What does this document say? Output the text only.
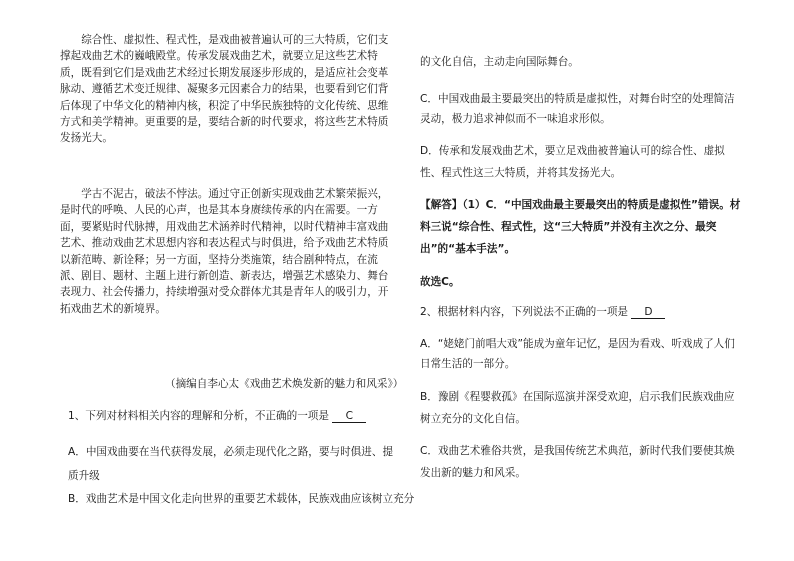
综合性、虚拟性、程式性，是戏曲被普遍认可的三大特质，它们支撑起戏曲艺术的巍峨殿堂。传承发展戏曲艺术，就要立足这些艺术特质，既看到它们是戏曲艺术经过长期发展逐步形成的，是适应社会变革脉动、遵循艺术变迁规律、凝聚多元因素合力的结果，也要看到它们背后体现了中华文化的精神内核，积淀了中华民族独特的文化传统、思维方式和美学精神。更重要的是，要结合新的时代要求，将这些艺术特质发扬光大。

学古不泥古，破法不悖法。通过守正创新实现戏曲艺术繁荣振兴，是时代的呼唤、人民的心声，也是其本身赓续传承的内在需要。一方面，要紧贴时代脉搏，用戏曲艺术涵养时代精神，以时代精神丰富戏曲艺术、推动戏曲艺术思想内容和表达程式与时俱进，给予戏曲艺术特质以新范畴、新诠释；另一方面，坚持分类施策，结合剧种特点，在流派、剧目、题材、主题上进行新创造、新表达，增强艺术感染力、舞台表现力、社会传播力，持续增强对受众群体尤其是青年人的吸引力，开拓戏曲艺术的新境界。

（摘编自李心太《戏曲艺术焕发新的魅力和风采》）

1、下列对材料相关内容的理解和分析，不正确的一项是 C

A．中国戏曲要在当代获得发展，必须走现代化之路，要与时俱进、提质升级

B．戏曲艺术是中国文化走向世界的重要艺术载体，民族戏曲应该树立充分

的文化自信，主动走向国际舞台。

C．中国戏曲最主要最突出的特质是虚拟性，对舞台时空的处理简洁灵动，极力追求神似而不一味追求形似。

D．传承和发展戏曲艺术，要立足戏曲被普遍认可的综合性、虚拟性、程式性这三大特质，并将其发扬光大。

【解答】（1）C．“中国戏曲最主要最突出的特质是虚拟性”错误。材料三说“综合性、程式性，这“三大特质”并没有主次之分、最突出”的“基本手法”。

故选C。

2、根据材料内容，下列说法不正确的一项是 D

A．“姥姥门前唱大戏”能成为童年记忆，是因为看戏、听戏成了人们日常生活的一部分。

B．豫剧《程婴救孤》在国际巡演并深受欢迎，启示我们民族戏曲应树立充分的文化自信。

C．戏曲艺术雅俗共赏，是我国传统艺术典范，新时代我们要使其焕发出新的魅力和风采。
